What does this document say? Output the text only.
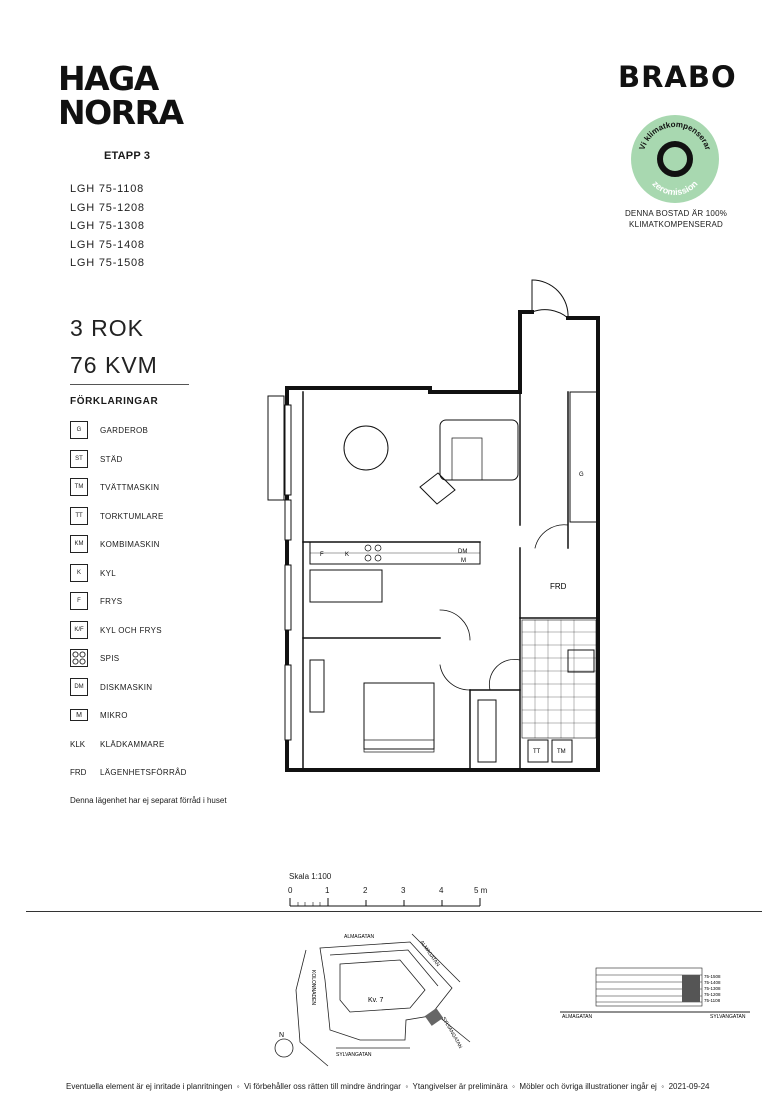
HAGA
NORRA
ETAPP 3
LGH 75-1108
LGH 75-1208
LGH 75-1308
LGH 75-1408
LGH 75-1508
3 ROK
76 KVM
FÖRKLARINGAR
G	GARDEROB
ST	STÄD
TM	TVÄTTMASKIN
TT	TORKTUMLARE
KM	KOMBIMASKIN
K	KYL
F	FRYS
K/F	KYL OCH FRYS
SPIS
DM	DISKMASKIN
M	MIKRO
KLK	KLÄDKAMMARE
FRD	LÄGENHETSFÖRRÅD
Denna lägenhet har ej separat förråd i huset
BRABO
Vi klimatkompenserar
zeromission
DENNA BOSTAD ÄR 100%
KLIMATKOMPENSERAD
FRD
G
F	K	DM
M
TT	TM
Skala 1:100
0	1	2	3	4	5 m
N
ALMAGATAN
ALMAGATAN
KOLONNADEN
SYLVANGATAN
SYLVANGATAN
Kv. 7
75-1508
75-1408
75-1308
75-1208
75-1108
ALMAGATAN	SYLVANGATAN
Eventuella element är ej inritade i planritningen ◦ Vi förbehåller oss rätten till mindre ändringar ◦ Ytangivelser är preliminära ◦ Möbler och övriga illustrationer ingår ej ◦ 2021-09-24
